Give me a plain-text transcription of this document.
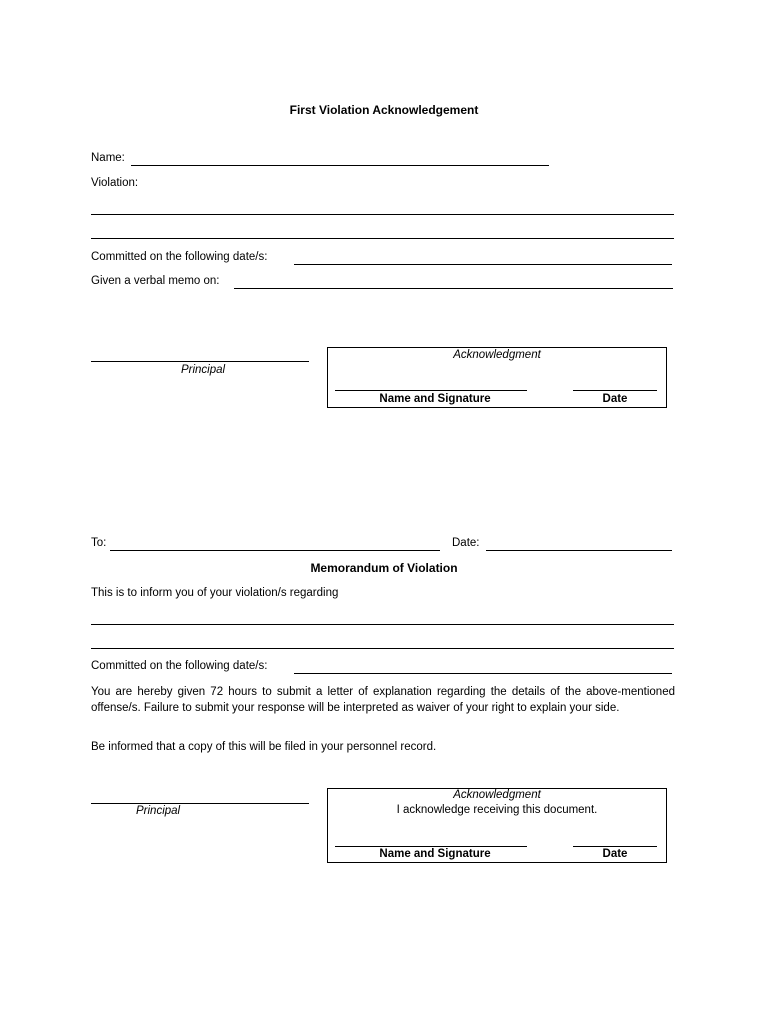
First Violation Acknowledgement
Name:
Violation:
Committed on the following date/s:
Given a verbal memo on:
Principal
Acknowledgment
Name and Signature	Date
To:	Date:
Memorandum of Violation
This is to inform you of your violation/s regarding
Committed on the following date/s:
You are hereby given 72 hours to submit a letter of explanation regarding the details of the above-mentioned offense/s. Failure to submit your response will be interpreted as waiver of your right to explain your side.
Be informed that a copy of this will be filed in your personnel record.
Principal
Acknowledgment
I acknowledge receiving this document.
Name and Signature	Date
